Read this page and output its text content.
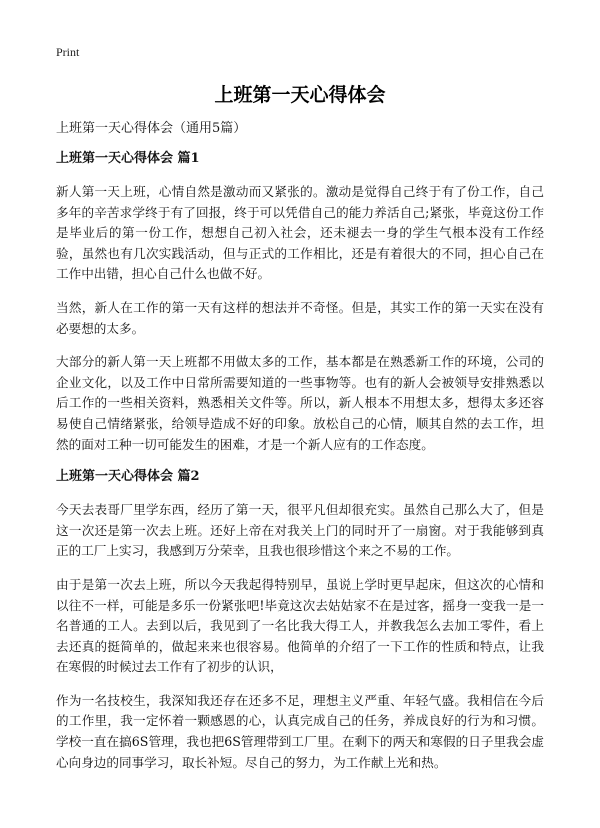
Print
上班第一天心得体会

上班第一天心得体会（通用5篇）

上班第一天心得体会 篇1

新人第一天上班，心情自然是激动而又紧张的。激动是觉得自己终于有了份工作，自己多年的辛苦求学终于有了回报，终于可以凭借自己的能力养活自己;紧张，毕竟这份工作是毕业后的第一份工作，想想自己初入社会，还未褪去一身的学生气根本没有工作经验，虽然也有几次实践活动，但与正式的工作相比，还是有着很大的不同，担心自己在工作中出错，担心自己什么也做不好。

当然，新人在工作的第一天有这样的想法并不奇怪。但是，其实工作的第一天实在没有必要想的太多。

大部分的新人第一天上班都不用做太多的工作，基本都是在熟悉新工作的环境，公司的企业文化，以及工作中日常所需要知道的一些事物等。也有的新人会被领导安排熟悉以后工作的一些相关资料，熟悉相关文件等。所以，新人根本不用想太多，想得太多还容易使自己情绪紧张，给领导造成不好的印象。放松自己的心情，顺其自然的去工作，坦然的面对工种一切可能发生的困难，才是一个新人应有的工作态度。

上班第一天心得体会 篇2

今天去表哥厂里学东西，经历了第一天，很平凡但却很充实。虽然自己那么大了，但是这一次还是第一次去上班。还好上帝在对我关上门的同时开了一扇窗。对于我能够到真正的工厂上实习，我感到万分荣幸，且我也很珍惜这个来之不易的工作。

由于是第一次去上班，所以今天我起得特别早，虽说上学时更早起床，但这次的心情和以往不一样，可能是多乐一份紧张吧!毕竟这次去姑姑家不在是过客，摇身一变我一是一名普通的工人。去到以后，我见到了一名比我大得工人，并教我怎么去加工零件，看上去还真的挺简单的，做起来来也很容易。他简单的介绍了一下工作的性质和特点，让我在寒假的时候过去工作有了初步的认识，

作为一名技校生，我深知我还存在还多不足，理想主义严重、年轻气盛。我相信在今后的工作里，我一定怀着一颗感恩的心，认真完成自己的任务，养成良好的行为和习惯。学校一直在搞6S管理，我也把6S管理带到工厂里。在剩下的两天和寒假的日子里我会虚心向身边的同事学习，取长补短。尽自己的努力，为工作献上光和热。
